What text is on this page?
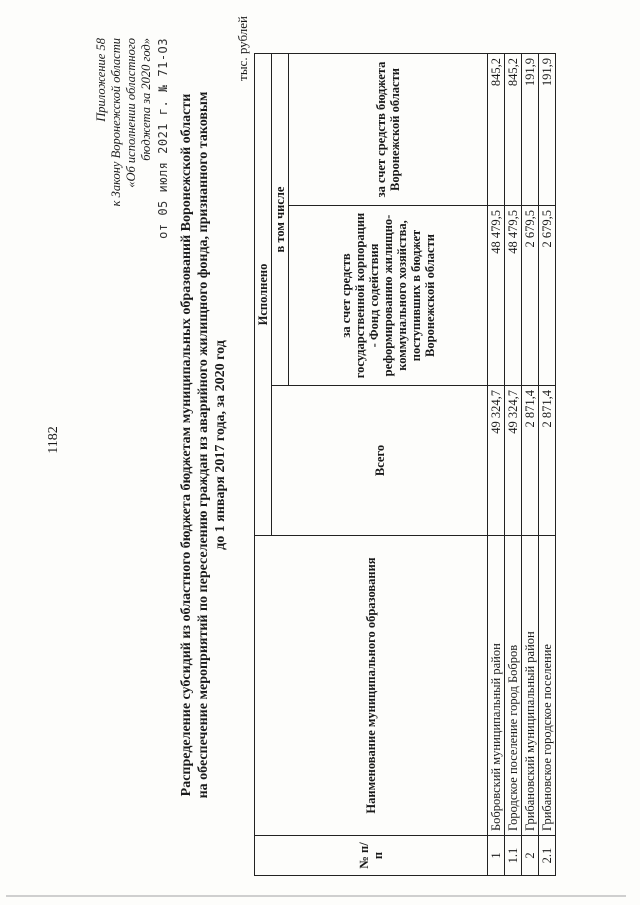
1182
Приложение 58 к Закону Воронежской области «Об исполнении областного бюджета за 2020 год» от 05 июля 2021 г. № 71-ОЗ Распределение субсидий из областного бюджета бюджетам муниципальных образований Воронежской области на обеспечение мероприятий по переселению граждан из аварийного жилищного фонда, признанного таковым до 1 января 2017 года, за 2020 год
тыс. рублей
№ п/п	Наименование муниципального образования	Исполнено		
		Всего	в том числе	
			за счет средств государственной корпорации - Фонд содействия реформированию жилищно-коммунального хозяйства, поступивших в бюджет Воронежской области	за счет средств бюджета Воронежской области
1	Бобровский муниципальный район	49 324,7	48 479,5	845,2
1.1	Городское поселение город Бобров	49 324,7	48 479,5	845,2
2	Грибановский муниципальный район	2 871,4	2 679,5	191,9
2.1	Грибановское городское поселение	2 871,4	2 679,5	191,9
